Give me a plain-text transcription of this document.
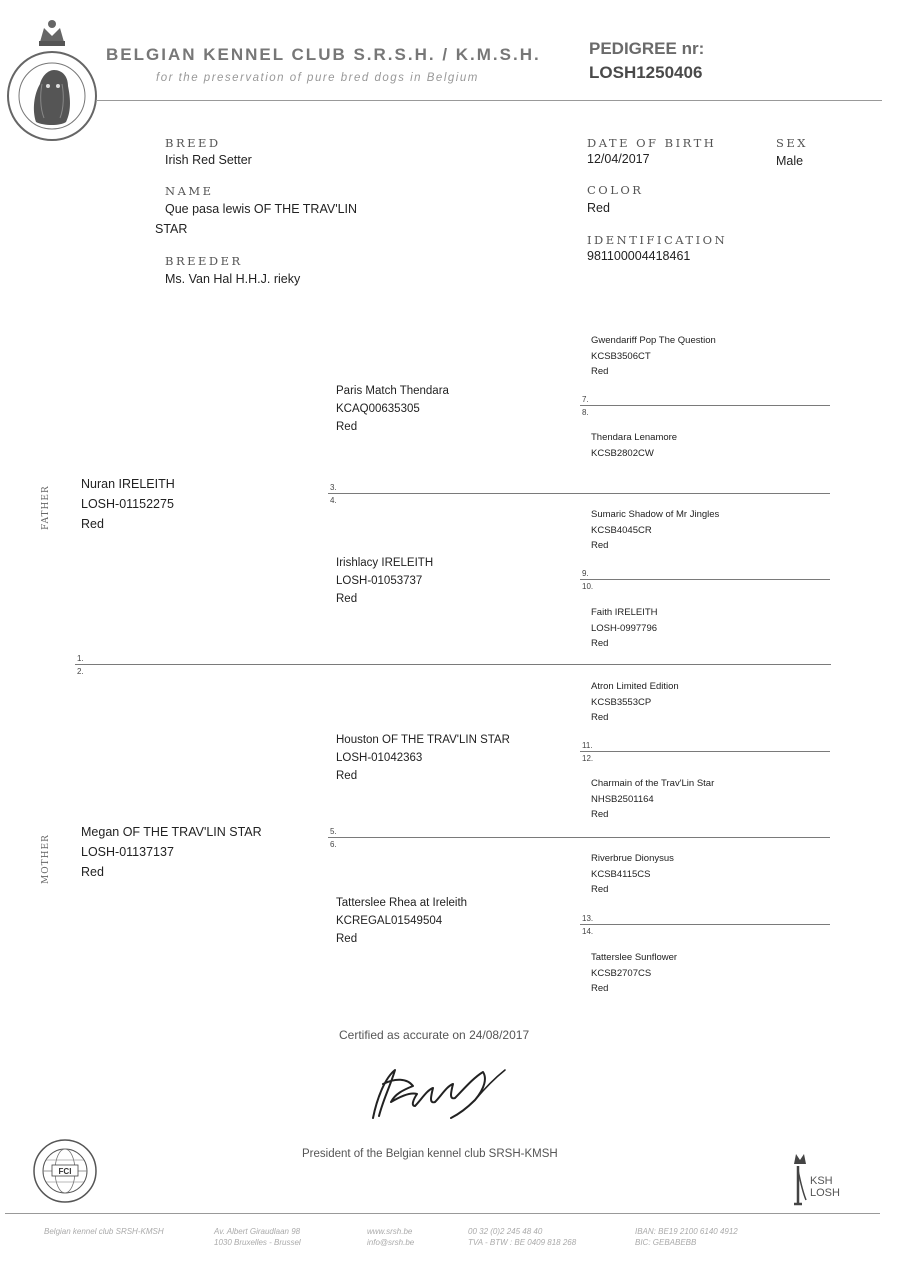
BELGIAN KENNEL CLUB S.R.S.H. / K.M.S.H.
for the preservation of pure bred dogs in Belgium
PEDIGREE nr:
LOSH1250406
BREED
Irish Red Setter
NAME
Que pasa lewis OF THE TRAV'LIN
STAR
BREEDER
Ms. Van Hal H.H.J. rieky
DATE OF BIRTH
12/04/2017
SEX
Male
COLOR
Red
IDENTIFICATION
981100004418461
FATHER
MOTHER
Nuran IRELEITH
LOSH-01152275
Red
Megan OF THE TRAV'LIN STAR
LOSH-01137137
Red
Paris Match Thendara
KCAQ00635305
Red
Irishlacy IRELEITH
LOSH-01053737
Red
Houston OF THE TRAV'LIN STAR
LOSH-01042363
Red
Tatterslee Rhea at Ireleith
KCREGAL01549504
Red
Gwendariff Pop The Question
KCSB3506CT
Red
Thendara Lenamore
KCSB2802CW
Sumaric Shadow of Mr Jingles
KCSB4045CR
Red
Faith IRELEITH
LOSH-0997796
Red
Atron Limited Edition
KCSB3553CP
Red
Charmain of the Trav'Lin Star
NHSB2501164
Red
Riverbrue Dionysus
KCSB4115CS
Red
Tatterslee Sunflower
KCSB2707CS
Red
1.
2.
3.
4.
5.
6.
7.
8.
9.
10.
11.
12.
13.
14.
Certified as accurate on 24/08/2017
President of the Belgian kennel club SRSH-KMSH
FCI
KSH
LOSH
Belgian kennel club SRSH-KMSH	Av. Albert Giraudlaan 98
1030 Bruxelles - Brussel
www.srsh.be
info@srsh.be
00 32 (0)2 245 48 40
TVA - BTW : BE 0409 818 268
IBAN: BE19 2100 6140 4912
BIC: GEBABEBB
